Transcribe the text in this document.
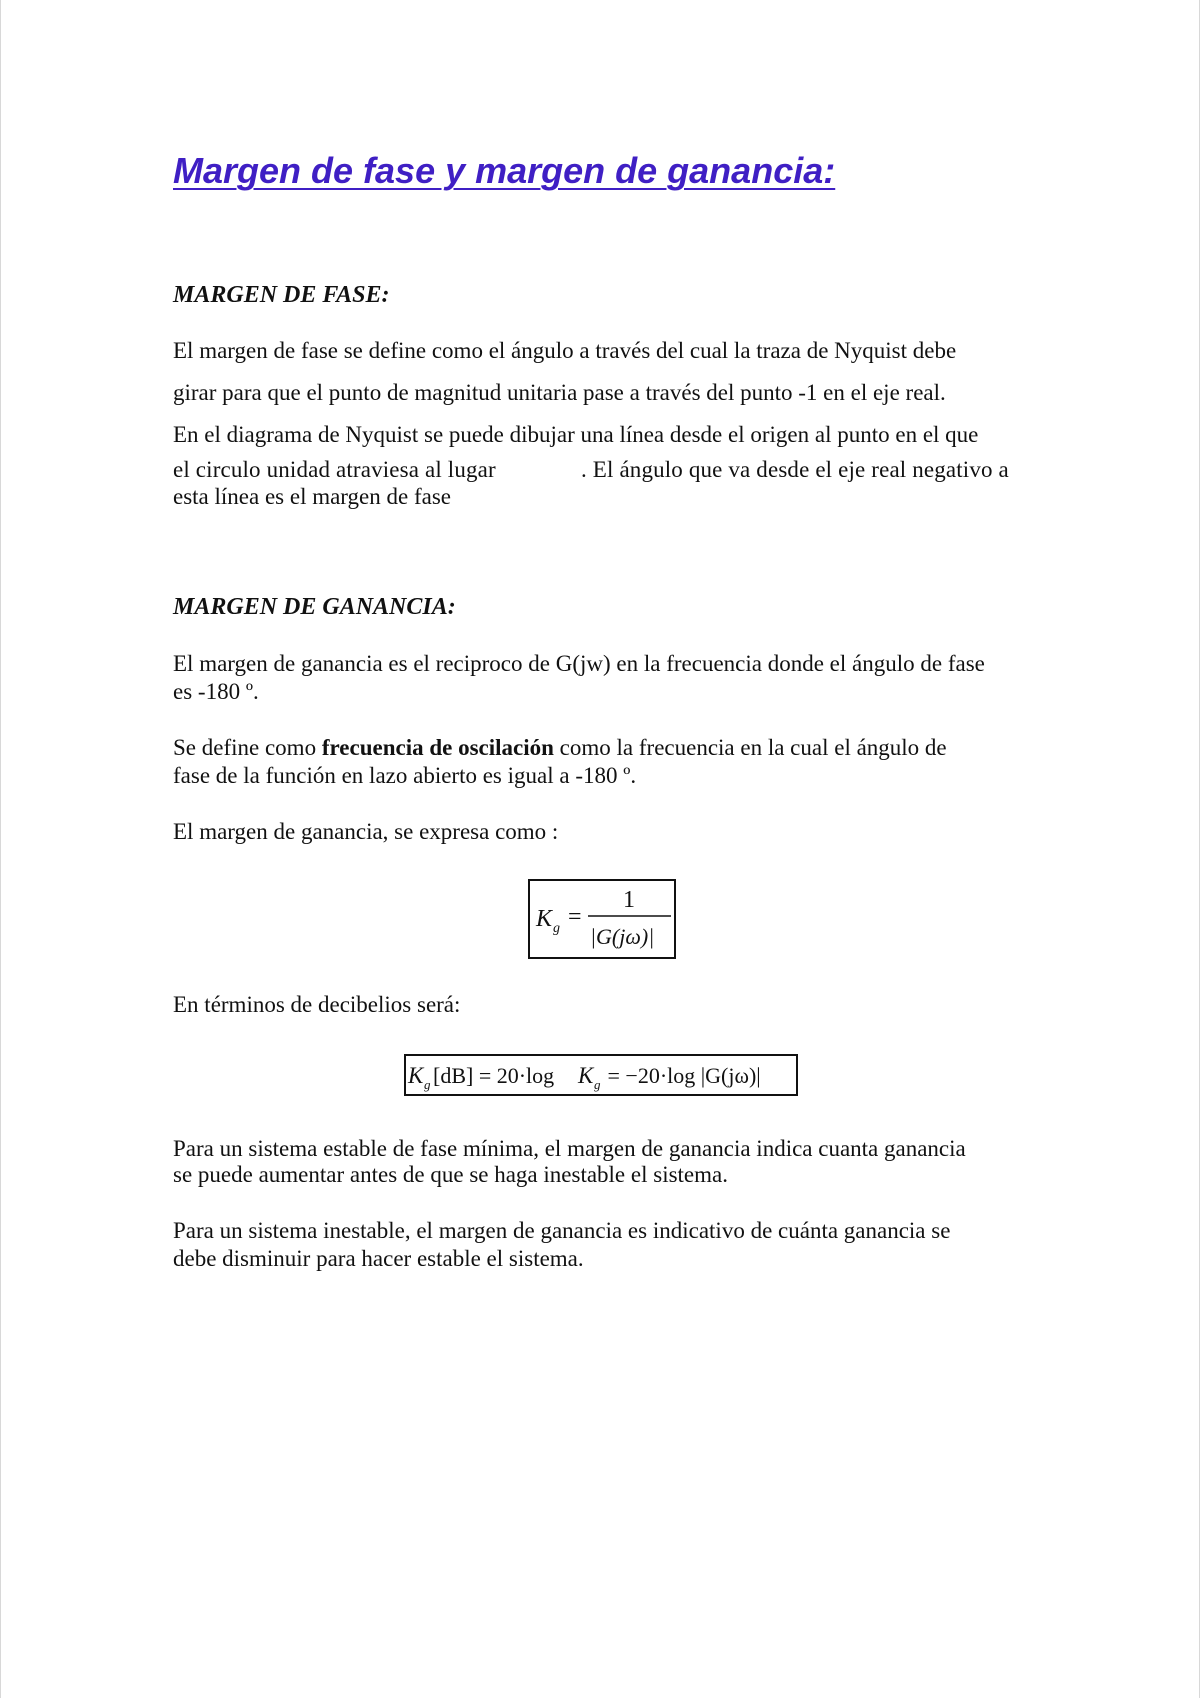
Margen de fase y margen de ganancia:
MARGEN DE FASE:

El margen de fase se define como el ángulo a través del cual la traza de Nyquist debe

girar para que el punto de magnitud unitaria pase a través del punto -1 en el eje real.

En el diagrama de Nyquist se puede dibujar una línea desde el origen al punto en el que

el circulo unidad atraviesa al lugar	. El ángulo que va desde el eje real negativo a

esta línea es el margen de fase

MARGEN DE GANANCIA:

El margen de ganancia es el reciproco de G(jw) en la frecuencia donde el ángulo de fase

es -180 º.

Se define como frecuencia de oscilación como la frecuencia en la cual el ángulo de

fase de la función en lazo abierto es igual a -180 º.

El margen de ganancia, se expresa como :

K g =
1
|G(jω)|

En términos de decibelios será:

K g [dB] = 20·log K g = −20·log |G(jω)|

Para un sistema estable de fase mínima, el margen de ganancia indica cuanta ganancia

se puede aumentar antes de que se haga inestable el sistema.

Para un sistema inestable, el margen de ganancia es indicativo de cuánta ganancia se

debe disminuir para hacer estable el sistema.
